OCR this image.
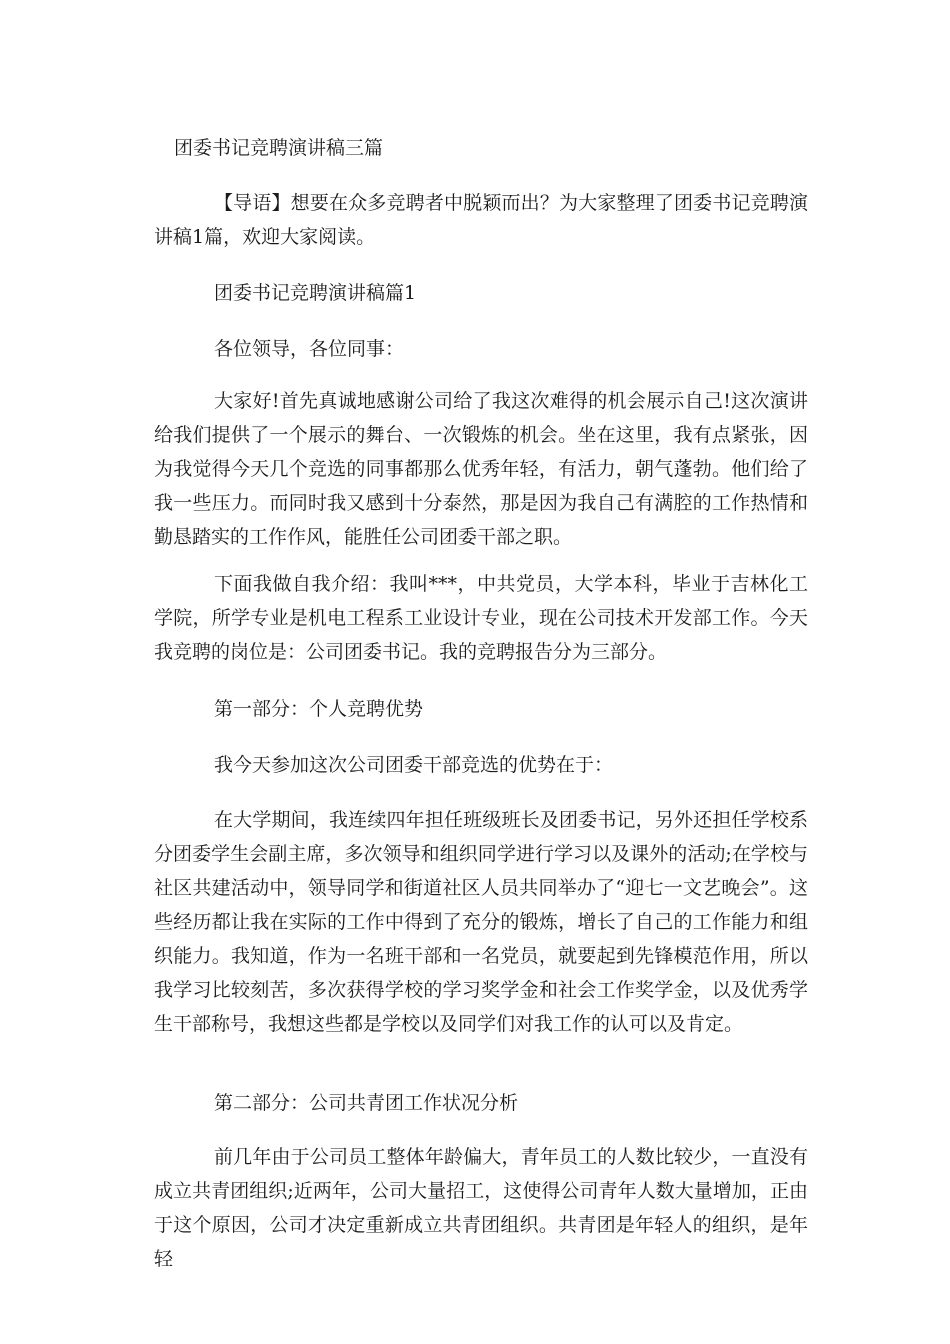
团委书记竞聘演讲稿三篇
【导语】想要在众多竞聘者中脱颖而出？为大家整理了团委书记竞聘演讲稿1篇，欢迎大家阅读。
团委书记竞聘演讲稿篇1
各位领导，各位同事：
大家好!首先真诚地感谢公司给了我这次难得的机会展示自己!这次演讲给我们提供了一个展示的舞台、一次锻炼的机会。坐在这里，我有点紧张，因为我觉得今天几个竞选的同事都那么优秀年轻，有活力，朝气蓬勃。他们给了我一些压力。而同时我又感到十分泰然，那是因为我自己有满腔的工作热情和勤恳踏实的工作作风，能胜任公司团委干部之职。
下面我做自我介绍：我叫***，中共党员，大学本科，毕业于吉林化工学院，所学专业是机电工程系工业设计专业，现在公司技术开发部工作。今天我竞聘的岗位是：公司团委书记。我的竞聘报告分为三部分。
第一部分：个人竞聘优势
我今天参加这次公司团委干部竞选的优势在于：
在大学期间，我连续四年担任班级班长及团委书记，另外还担任学校系分团委学生会副主席，多次领导和组织同学进行学习以及课外的活动;在学校与社区共建活动中，领导同学和街道社区人员共同举办了“迎七一文艺晚会”。这些经历都让我在实际的工作中得到了充分的锻炼，增长了自己的工作能力和组织能力。我知道，作为一名班干部和一名党员，就要起到先锋模范作用，所以我学习比较刻苦，多次获得学校的学习奖学金和社会工作奖学金，以及优秀学生干部称号，我想这些都是学校以及同学们对我工作的认可以及肯定。
第二部分：公司共青团工作状况分析
前几年由于公司员工整体年龄偏大，青年员工的人数比较少，一直没有成立共青团组织;近两年，公司大量招工，这使得公司青年人数大量增加，正由于这个原因，公司才决定重新成立共青团组织。共青团是年轻人的组织，是年轻
